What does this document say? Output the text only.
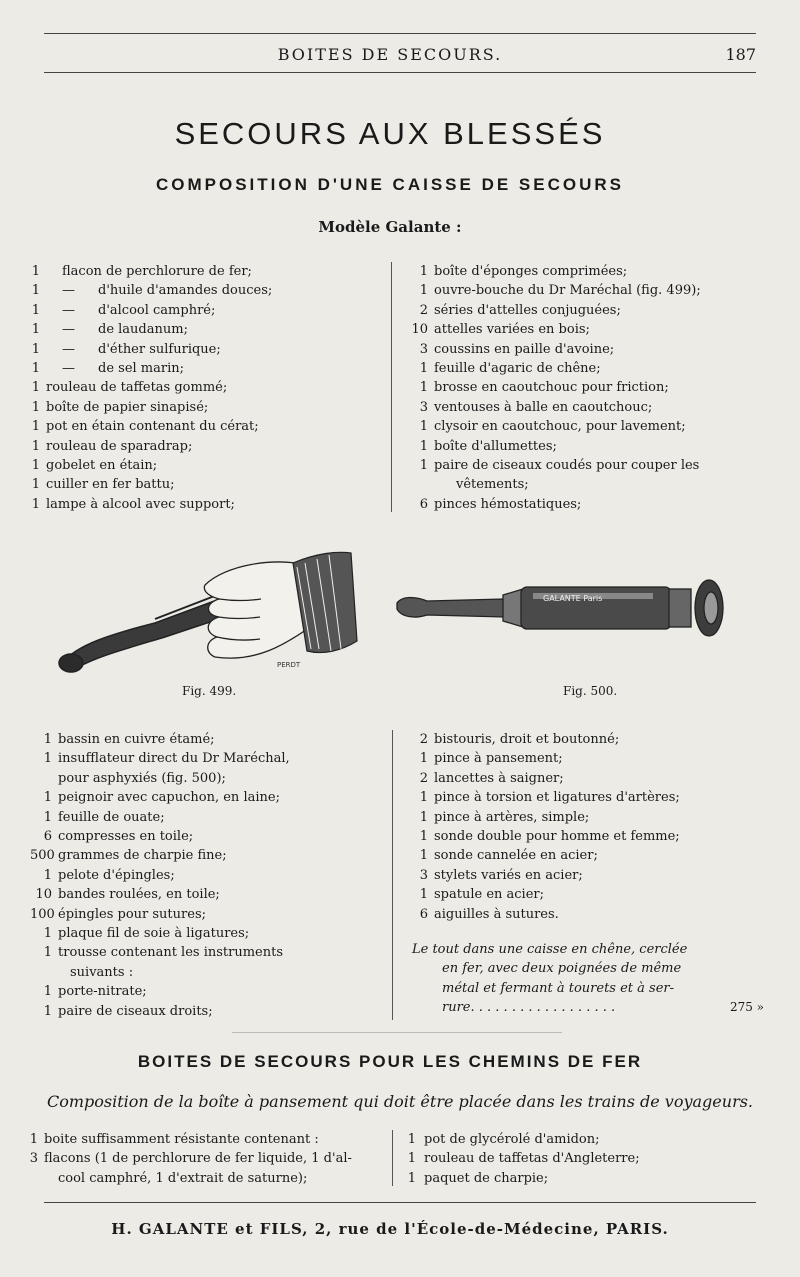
BOITES DE SECOURS.	187
SECOURS AUX BLESSÉS
COMPOSITION D'UNE CAISSE DE SECOURS
Modèle Galante :
1 flacon de perchlorure de fer;
1 — d'huile d'amandes douces;
1 — d'alcool camphré;
1 — de laudanum;
1 — d'éther sulfurique;
1 — de sel marin;
1 rouleau de taffetas gommé;
1 boîte de papier sinapisé;
1 pot en étain contenant du cérat;
1 rouleau de sparadrap;
1 gobelet en étain;
1 cuiller en fer battu;
1 lampe à alcool avec support;
1 boîte d'éponges comprimées;
1 ouvre-bouche du Dr Maréchal (fig. 499);
2 séries d'attelles conjuguées;
10 attelles variées en bois;
3 coussins en paille d'avoine;
1 feuille d'agaric de chêne;
1 brosse en caoutchouc pour friction;
3 ventouses à balle en caoutchouc;
1 clysoir en caoutchouc, pour lavement;
1 boîte d'allumettes;
1 paire de ciseaux coudés pour couper les
vêtements;
6 pinces hémostatiques;
PERDT
Fig. 499.
GALANTE Paris
Fig. 500.
1 bassin en cuivre étamé;
1 insufflateur direct du Dr Maréchal,
pour asphyxiés (fig. 500);
1 peignoir avec capuchon, en laine;
1 feuille de ouate;
6 compresses en toile;
500 grammes de charpie fine;
1 pelote d'épingles;
10 bandes roulées, en toile;
100 épingles pour sutures;
1 plaque fil de soie à ligatures;
1 trousse contenant les instruments
suivants :
1 porte-nitrate;
1 paire de ciseaux droits;
2 bistouris, droit et boutonné;
1 pince à pansement;
2 lancettes à saigner;
1 pince à torsion et ligatures d'artères;
1 pince à artères, simple;
1 sonde double pour homme et femme;
1 sonde cannelée en acier;
3 stylets variés en acier;
1 spatule en acier;
6 aiguilles à sutures.
Le tout dans une caisse en chêne, cerclée
en fer, avec deux poignées de même
métal et fermant à tourets et à ser-
rure. . . . . . . . . . . . . . . . . .	275 »
BOITES DE SECOURS POUR LES CHEMINS DE FER
Composition de la boîte à pansement qui doit être placée dans les trains de voyageurs.
1 boite suffisamment résistante contenant :
3 flacons (1 de perchlorure de fer liquide, 1 d'al-
cool camphré, 1 d'extrait de saturne);
1 pot de glycérolé d'amidon;
1 rouleau de taffetas d'Angleterre;
1 paquet de charpie;
H. GALANTE et FILS, 2, rue de l'École-de-Médecine, PARIS.
